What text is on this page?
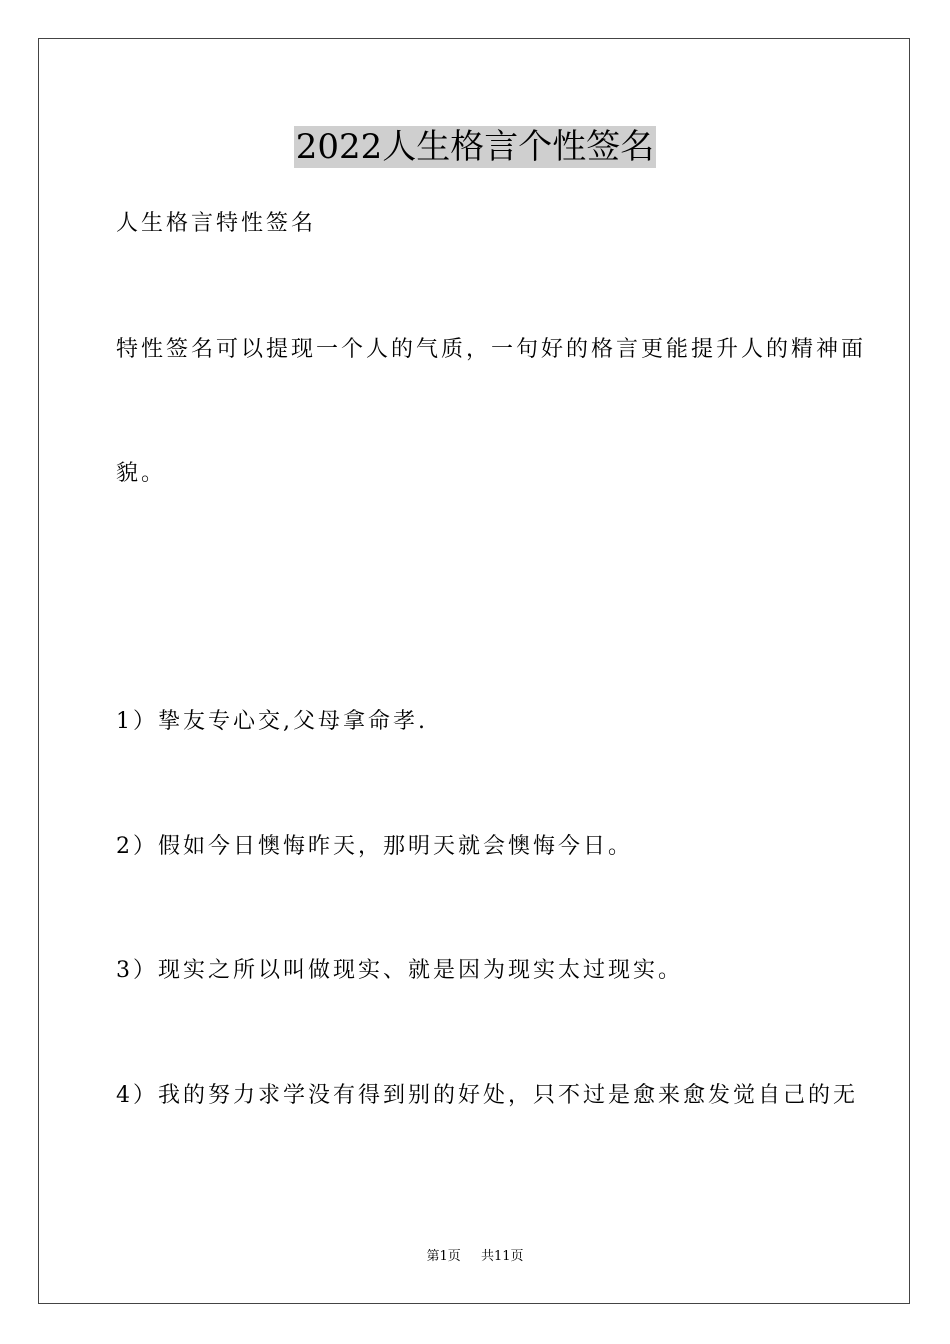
2022人生格言个性签名
人生格言特性签名
特性签名可以提现一个人的气质，一句好的格言更能提升人的精神面
貌。
1）挚友专心交,父母拿命孝.
2）假如今日懊悔昨天，那明天就会懊悔今日。
3）现实之所以叫做现实、就是因为现实太过现实。
4）我的努力求学没有得到别的好处，只不过是愈来愈发觉自己的无
第1页 共11页
